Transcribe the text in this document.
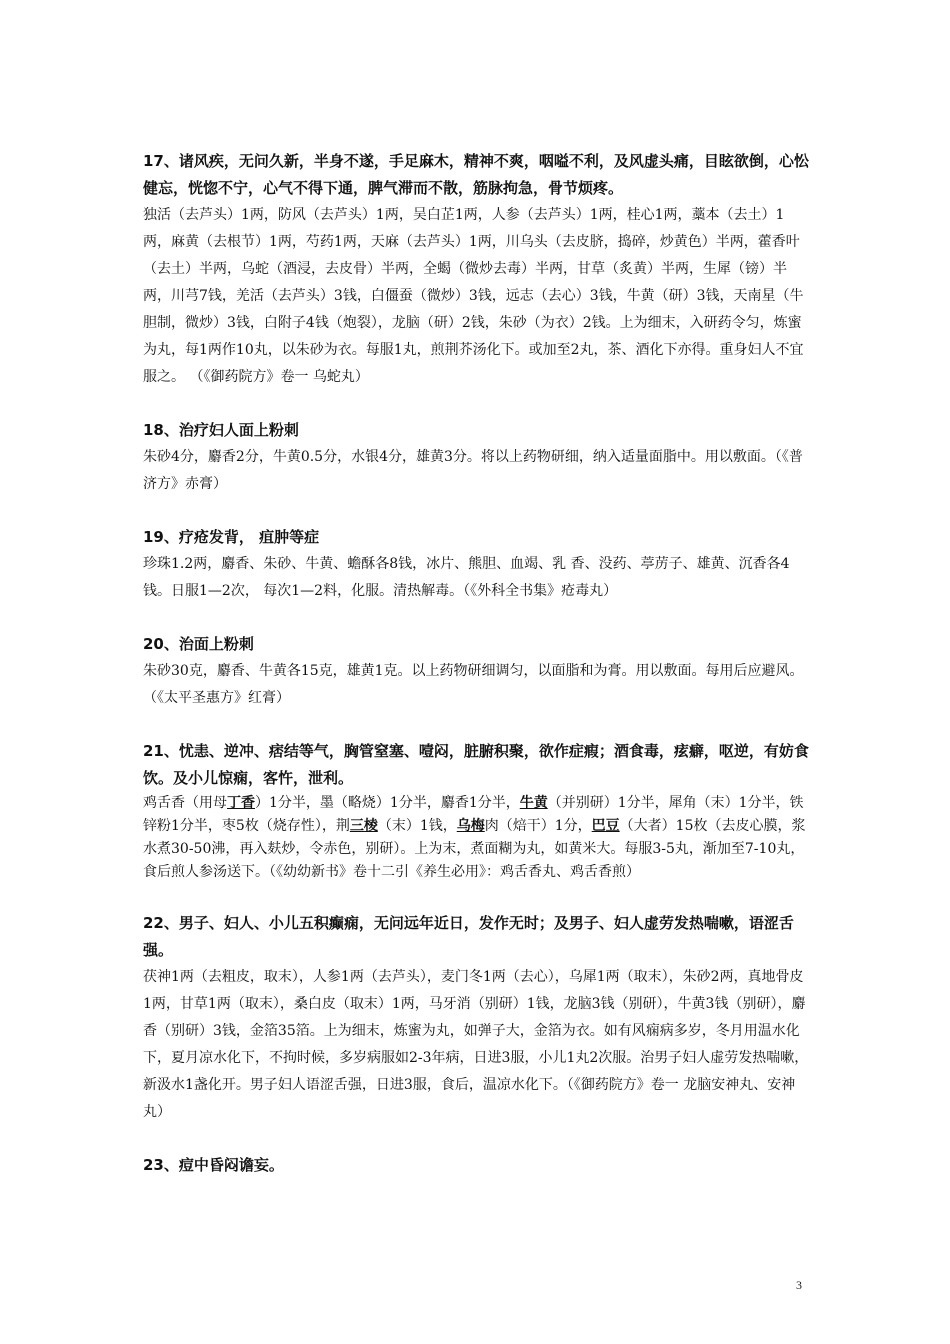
17、诸风疾，无问久新，半身不遂，手足麻木，精神不爽，咽嗌不利，及风虚头痛，目眩欲倒，心忪健忘，恍惚不宁，心气不得下通，脾气滞而不散，筋脉拘急，骨节烦疼。

独活（去芦头）1两，防风（去芦头）1两，吴白芷1两，人参（去芦头）1两，桂心1两，藁本（去土）1两，麻黄（去根节）1两，芍药1两，天麻（去芦头）1两，川乌头（去皮脐，捣碎，炒黄色）半两，藿香叶（去土）半两，乌蛇（酒浸，去皮骨）半两，全蝎（微炒去毒）半两，甘草（炙黄）半两，生犀（镑）半两，川芎7钱，羌活（去芦头）3钱，白僵蚕（微炒）3钱，远志（去心）3钱，牛黄（研）3钱，天南星（牛胆制，微炒）3钱，白附子4钱（炮裂），龙脑（研）2钱，朱砂（为衣）2钱。上为细末，入研药令匀，炼蜜为丸，每1两作10丸，以朱砂为衣。每服1丸，煎荆芥汤化下。或加至2丸，茶、酒化下亦得。重身妇人不宜服之。 （《御药院方》卷一 乌蛇丸）

18、治疗妇人面上粉刺

朱砂4分，麝香2分，牛黄0.5分，水银4分，雄黄3分。将以上药物研细，纳入适量面脂中。用以敷面。（《普济方》赤膏）

19、疗疮发背， 疽肿等症

珍珠1.2两，麝香、朱砂、牛黄、蟾酥各8钱，冰片、熊胆、血竭、乳 香、没药、葶苈子、雄黄、沉香各4钱。日服1—2次， 每次1—2料，化服。清热解毒。（《外科全书集》疮毒丸）

20、治面上粉刺

朱砂30克，麝香、牛黄各15克，雄黄1克。以上药物研细调匀，以面脂和为膏。用以敷面。每用后应避风。（《太平圣惠方》红膏）

21、忧恚、逆冲、痞结等气，胸管窒塞、噎闷，脏腑积聚，欲作症瘕；酒食毒，痃癖，呕逆，有妨食饮。及小儿惊痫，客忤，泄利。

鸡舌香（用母丁香）1分半，墨（略烧）1分半，麝香1分半，牛黄（并别研）1分半，犀角（末）1分半，铁锌粉1分半，枣5枚（烧存性），荆三棱（末）1钱，乌梅肉（焙干）1分，巴豆（大者）15枚（去皮心膜，浆水煮30-50沸，再入麸炒，令赤色，别研）。上为末，煮面糊为丸，如黄米大。每服3-5丸，渐加至7-10丸，食后煎人参汤送下。（《幼幼新书》卷十二引《养生必用》：鸡舌香丸、鸡舌香煎）

22、男子、妇人、小儿五积癫痫，无问远年近日，发作无时；及男子、妇人虚劳发热喘嗽，语涩舌强。

茯神1两（去粗皮，取末），人参1两（去芦头），麦门冬1两（去心），乌犀1两（取末），朱砂2两，真地骨皮1两，甘草1两（取末），桑白皮（取末）1两，马牙消（别研）1钱，龙脑3钱（别研），牛黄3钱（别研），麝香（别研）3钱，金箔35箔。上为细末，炼蜜为丸，如弹子大，金箔为衣。如有风痫病多岁，冬月用温水化下，夏月凉水化下，不拘时候，多岁病服如2-3年病，日进3服，小儿1丸2次服。治男子妇人虚劳发热喘嗽，新汲水1盏化开。男子妇人语涩舌强，日进3服，食后，温凉水化下。（《御药院方》卷一 龙脑安神丸、安神丸）

23、痘中昏闷谵妄。

3
